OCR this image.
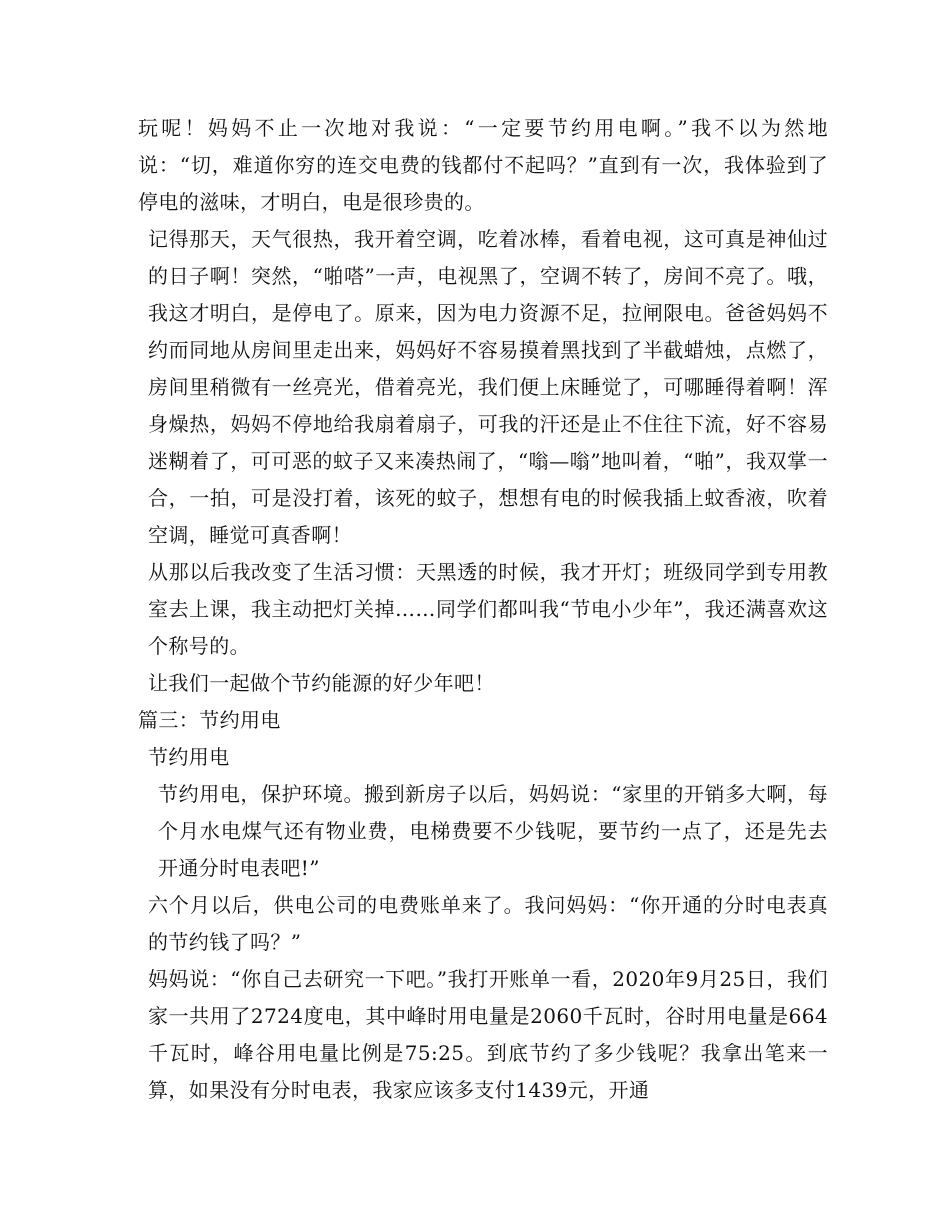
玩呢！妈妈不止一次地对我说：“一定要节约用电啊。”我不以为然地说：“切，难道你穷的连交电费的钱都付不起吗？”直到有一次，我体验到了停电的滋味，才明白，电是很珍贵的。

记得那天，天气很热，我开着空调，吃着冰棒，看着电视，这可真是神仙过的日子啊！突然，“啪嗒”一声，电视黑了，空调不转了，房间不亮了。哦，我这才明白，是停电了。原来，因为电力资源不足，拉闸限电。爸爸妈妈不约而同地从房间里走出来，妈妈好不容易摸着黑找到了半截蜡烛，点燃了，房间里稍微有一丝亮光，借着亮光，我们便上床睡觉了，可哪睡得着啊！浑身燥热，妈妈不停地给我扇着扇子，可我的汗还是止不住往下流，好不容易迷糊着了，可可恶的蚊子又来凑热闹了，“嗡—嗡”地叫着，“啪”，我双掌一合，一拍，可是没打着，该死的蚊子，想想有电的时候我插上蚊香液，吹着空调，睡觉可真香啊！

从那以后我改变了生活习惯：天黑透的时候，我才开灯；班级同学到专用教室去上课，我主动把灯关掉……同学们都叫我“节电小少年”，我还满喜欢这个称号的。

让我们一起做个节约能源的好少年吧！

篇三：节约用电

节约用电

节约用电，保护环境。搬到新房子以后，妈妈说：“家里的开销多大啊，每个月水电煤气还有物业费，电梯费要不少钱呢，要节约一点了，还是先去开通分时电表吧!”

六个月以后，供电公司的电费账单来了。我问妈妈：“你开通的分时电表真的节约钱了吗？”

妈妈说：“你自己去研究一下吧。”我打开账单一看，2020年9月25日，我们家一共用了2724度电，其中峰时用电量是2060千瓦时，谷时用电量是664千瓦时，峰谷用电量比例是75:25。到底节约了多少钱呢？我拿出笔来一算，如果没有分时电表，我家应该多支付1439元，开通
